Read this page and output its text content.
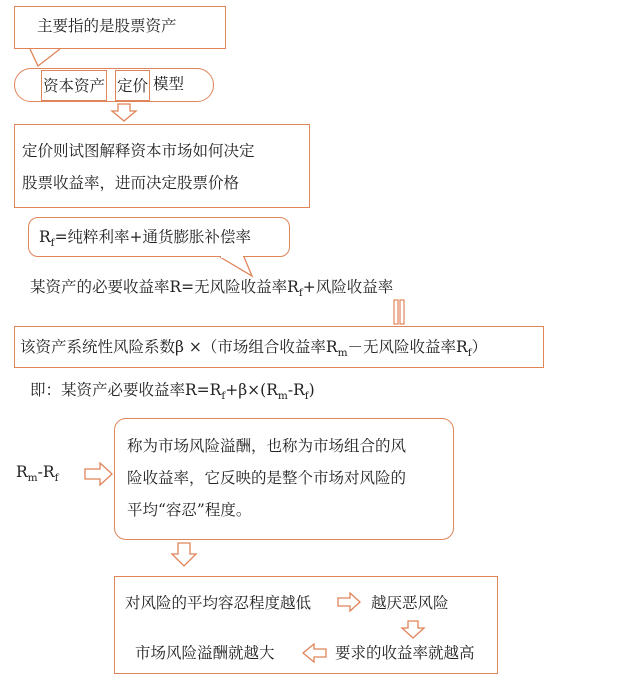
主要指的是股票资产
资本资产 定价 模型
定价则试图解释资本市场如何决定
股票收益率，进而决定股票价格
$R_f=$纯粹利率+通货膨胀补偿率
某资产的必要收益率R=无风险收益率$R_f+$风险收益率
该资产系统性风险系数β ×（市场组合收益率$R_m-$无风险收益率$R_f$）
即：某资产必要收益率$R=R_f+\beta\times(R_m-R_f)$
$R_m-R_f$
称为市场风险溢酬，也称为市场组合的风
险收益率，它反映的是整个市场对风险的
平均“容忍”程度。
对风险的平均容忍程度越低	越厌恶风险
要求的收益率就越高
市场风险溢酬就越大
